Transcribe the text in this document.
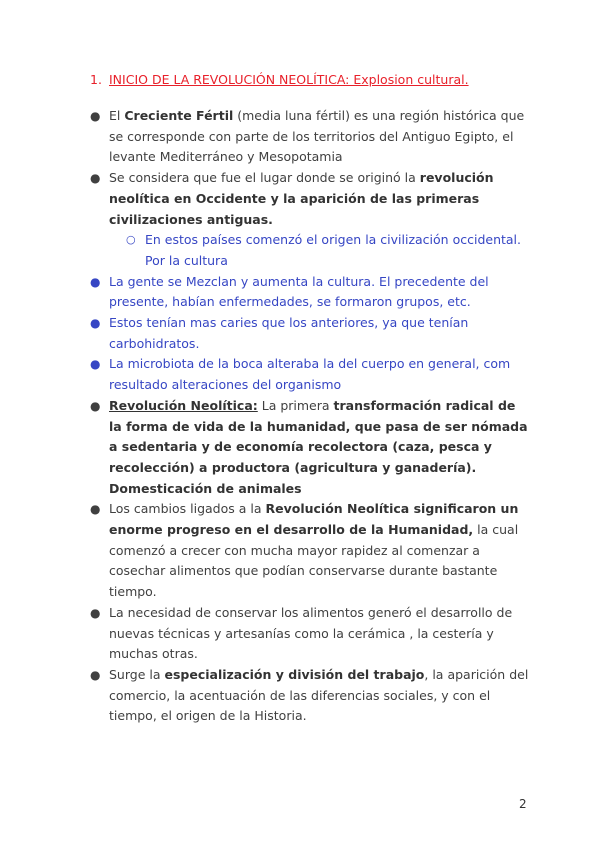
1. INICIO DE LA REVOLUCIÓN NEOLÍTICA: Explosion cultural.
● El Creciente Fértil (media luna fértil) es una región histórica que se corresponde con parte de los territorios del Antiguo Egipto, el levante Mediterráneo y Mesopotamia
● Se considera que fue el lugar donde se originó la revolución neolítica en Occidente y la aparición de las primeras civilizaciones antiguas.
○ En estos países comenzó el origen la civilización occidental. Por la cultura
● La gente se Mezclan y aumenta la cultura. El precedente del presente, habían enfermedades, se formaron grupos, etc.
● Estos tenían mas caries que los anteriores, ya que tenían carbohidratos.
● La microbiota de la boca alteraba la del cuerpo en general, com resultado alteraciones del organismo
● Revolución Neolítica: La primera transformación radical de la forma de vida de la humanidad, que pasa de ser nómada a sedentaria y de economía recolectora (caza, pesca y recolección) a productora (agricultura y ganadería). Domesticación de animales
● Los cambios ligados a la Revolución Neolítica significaron un enorme progreso en el desarrollo de la Humanidad, la cual comenzó a crecer con mucha mayor rapidez al comenzar a cosechar alimentos que podían conservarse durante bastante tiempo.
● La necesidad de conservar los alimentos generó el desarrollo de nuevas técnicas y artesanías como la cerámica , la cestería y muchas otras.
● Surge la especialización y división del trabajo, la aparición del comercio, la acentuación de las diferencias sociales, y con el tiempo, el origen de la Historia.
2
